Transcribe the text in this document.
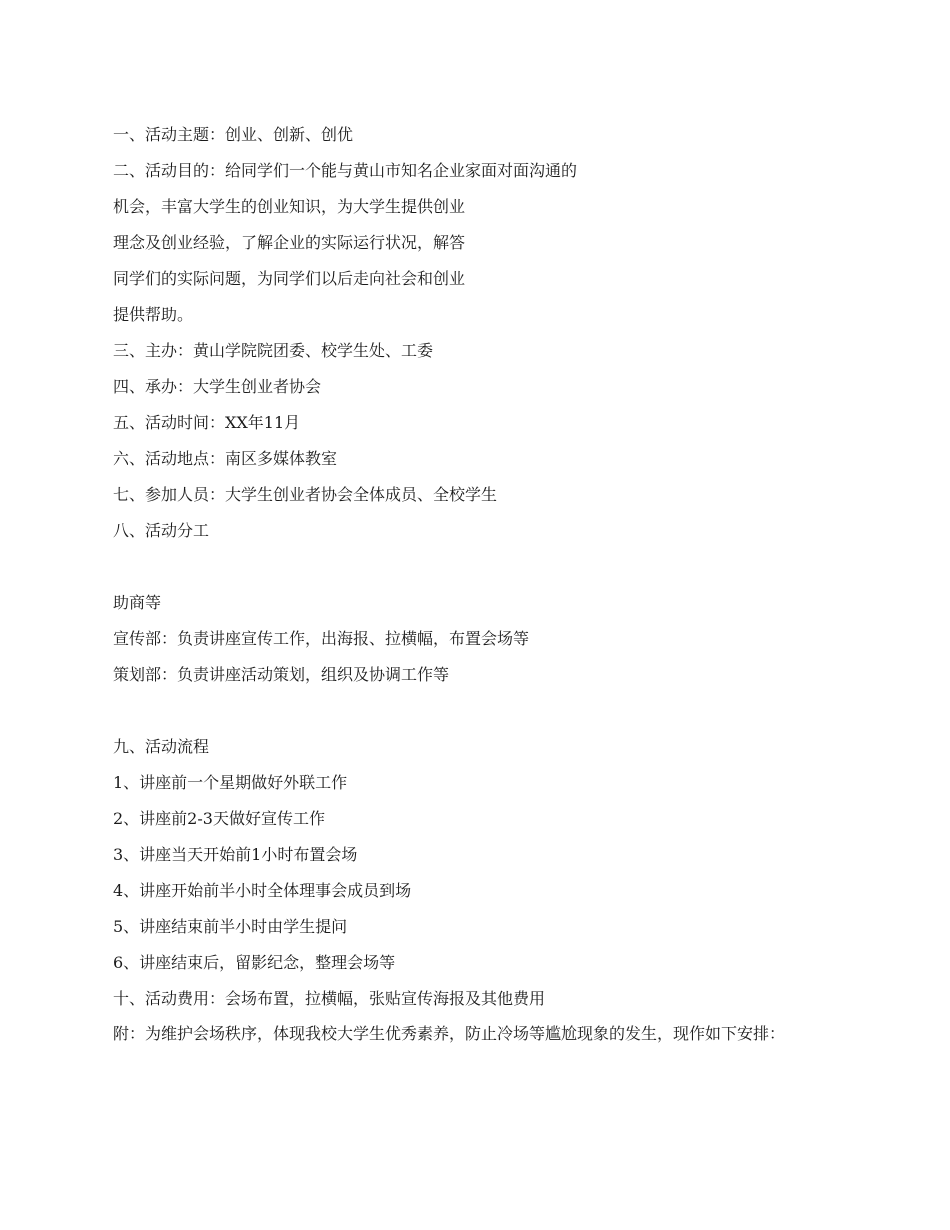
一、活动主题：创业、创新、创优
二、活动目的：给同学们一个能与黄山市知名企业家面对面沟通的
机会，丰富大学生的创业知识，为大学生提供创业
理念及创业经验，了解企业的实际运行状况，解答
同学们的实际问题，为同学们以后走向社会和创业
提供帮助。
三、主办：黄山学院院团委、校学生处、工委
四、承办：大学生创业者协会
五、活动时间：XX年11月
六、活动地点：南区多媒体教室
七、参加人员：大学生创业者协会全体成员、全校学生
八、活动分工
助商等
宣传部：负责讲座宣传工作，出海报、拉横幅，布置会场等
策划部：负责讲座活动策划，组织及协调工作等
九、活动流程
1、讲座前一个星期做好外联工作
2、讲座前2-3天做好宣传工作
3、讲座当天开始前1小时布置会场
4、讲座开始前半小时全体理事会成员到场
5、讲座结束前半小时由学生提问
6、讲座结束后，留影纪念，整理会场等
十、活动费用：会场布置，拉横幅，张贴宣传海报及其他费用
附：为维护会场秩序，体现我校大学生优秀素养，防止冷场等尴尬现象的发生，现作如下安排：
